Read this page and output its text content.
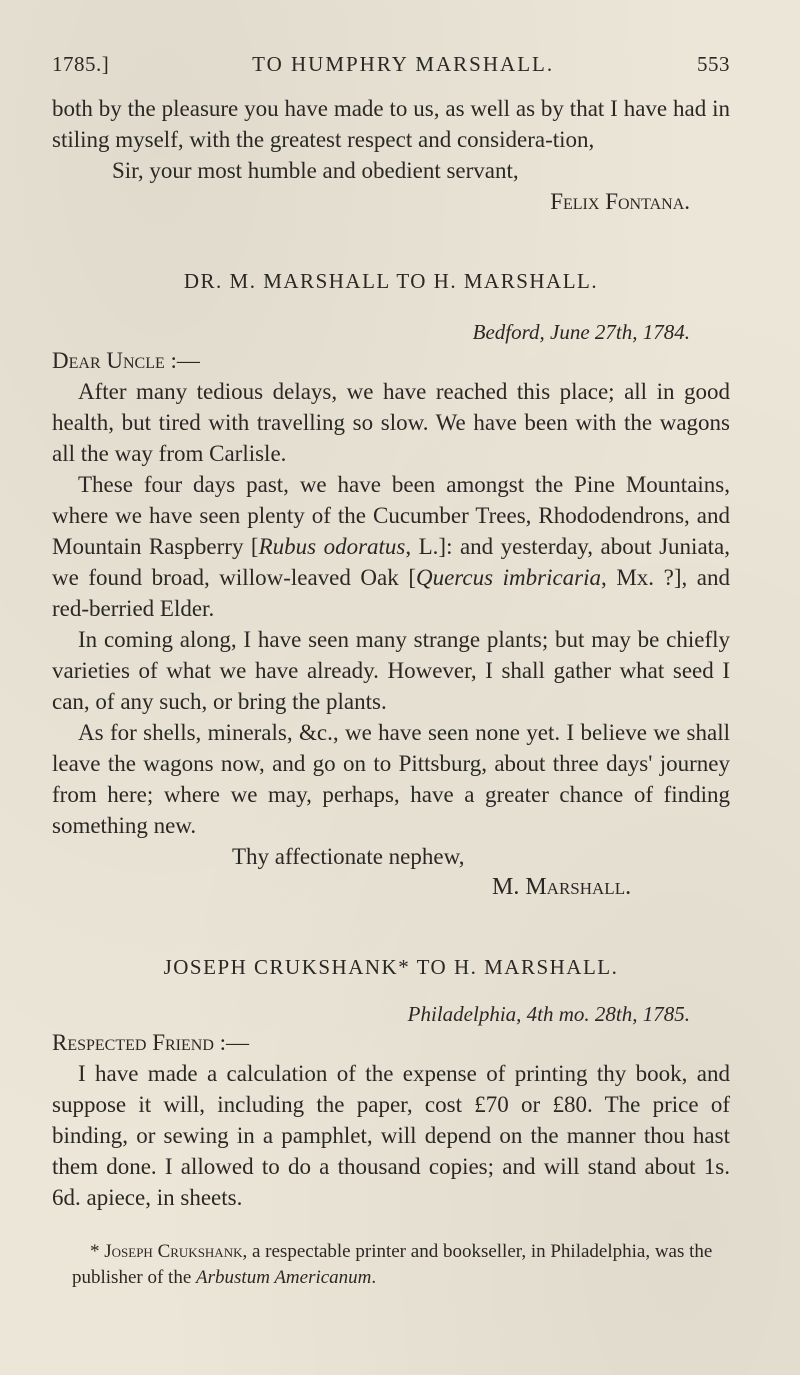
1785.]	TO HUMPHRY MARSHALL.	553

both by the pleasure you have made to us, as well as by that I have had in stiling myself, with the greatest respect and considera-tion,

Sir, your most humble and obedient servant,

Felix Fontana.

DR. M. MARSHALL TO H. MARSHALL.

Bedford, June 27th, 1784.

Dear Uncle :—

After many tedious delays, we have reached this place; all in good health, but tired with travelling so slow. We have been with the wagons all the way from Carlisle.

These four days past, we have been amongst the Pine Mountains, where we have seen plenty of the Cucumber Trees, Rhododendrons, and Mountain Raspberry [Rubus odoratus, L.]: and yesterday, about Juniata, we found broad, willow-leaved Oak [Quercus imbricaria, Mx. ?], and red-berried Elder.

In coming along, I have seen many strange plants; but may be chiefly varieties of what we have already. However, I shall gather what seed I can, of any such, or bring the plants.

As for shells, minerals, &c., we have seen none yet. I believe we shall leave the wagons now, and go on to Pittsburg, about three days' journey from here; where we may, perhaps, have a greater chance of finding something new.

Thy affectionate nephew,

M. Marshall.

JOSEPH CRUKSHANK* TO H. MARSHALL.

Philadelphia, 4th mo. 28th, 1785.

Respected Friend :—

I have made a calculation of the expense of printing thy book, and suppose it will, including the paper, cost £70 or £80. The price of binding, or sewing in a pamphlet, will depend on the manner thou hast them done. I allowed to do a thousand copies; and will stand about 1s. 6d. apiece, in sheets.

* Joseph Crukshank, a respectable printer and bookseller, in Philadelphia, was the publisher of the Arbustum Americanum.
